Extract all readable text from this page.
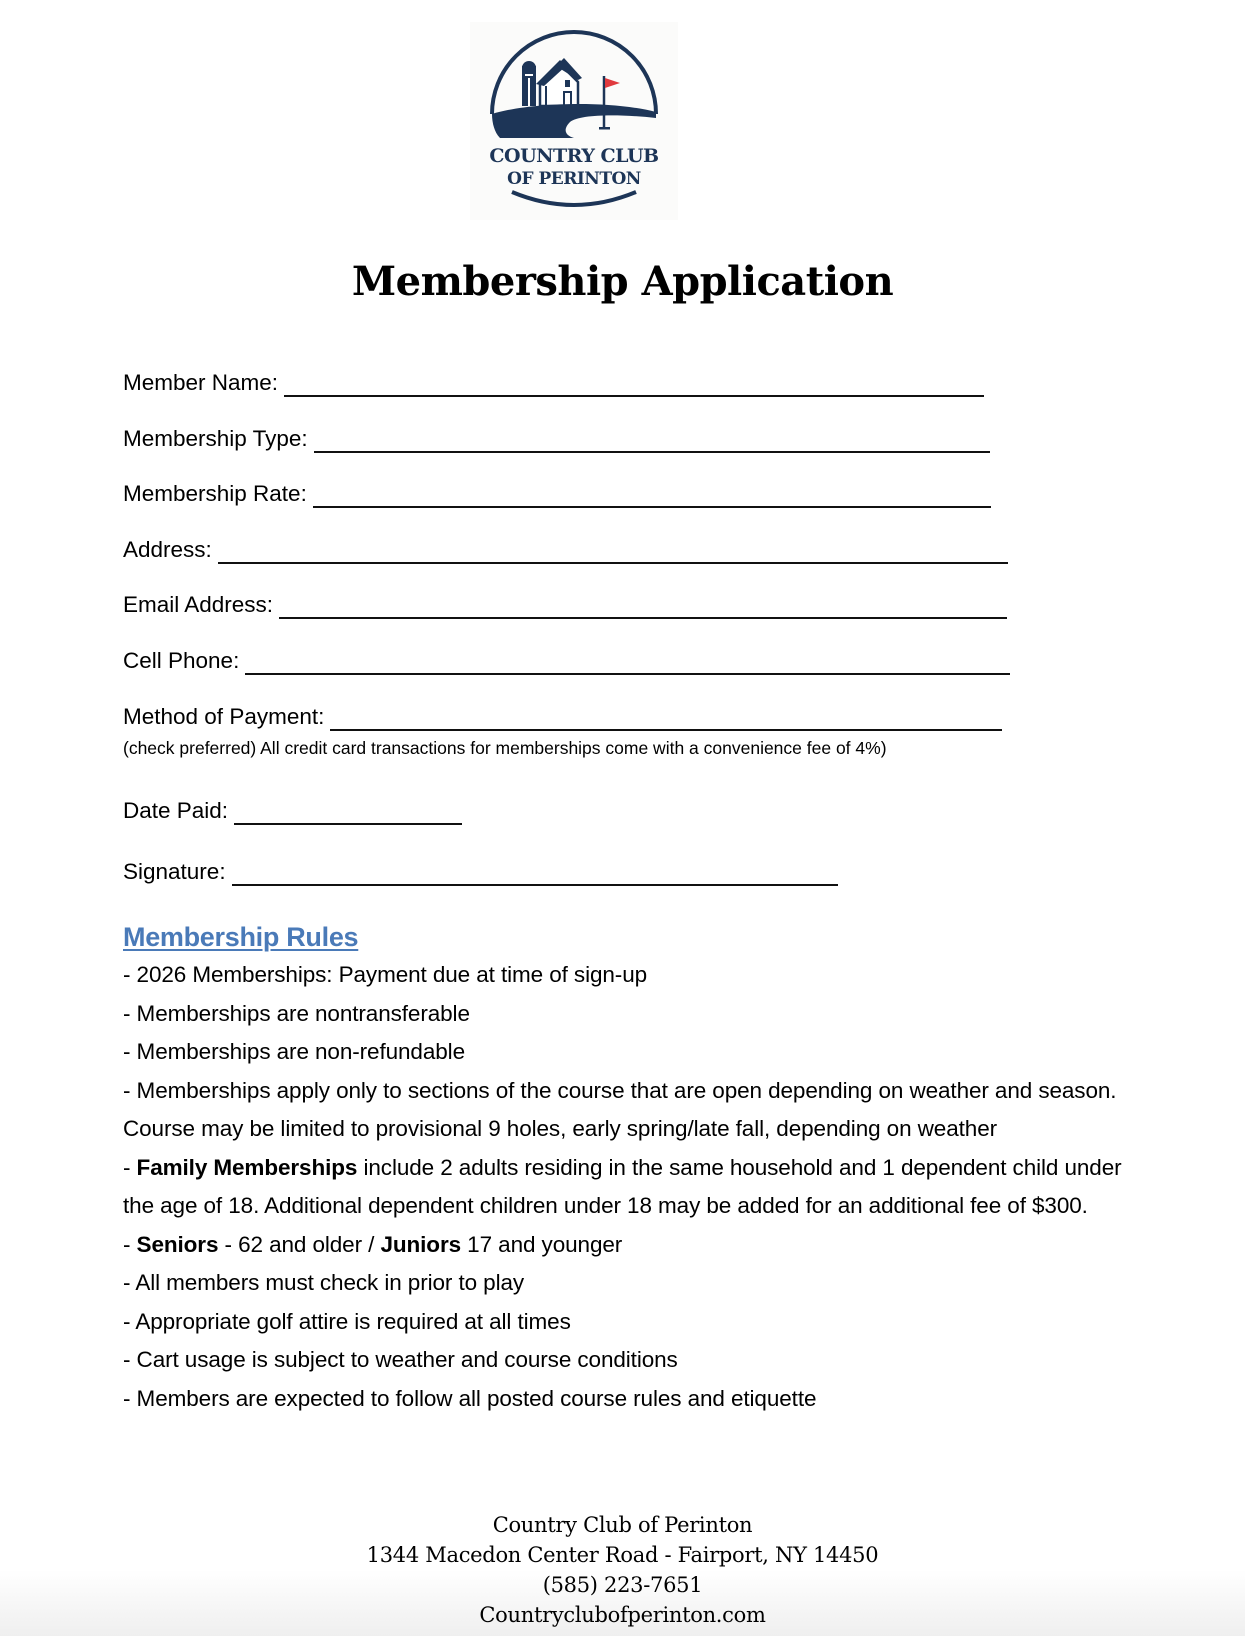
COUNTRY CLUB
OF PERINTON
Membership Application
Member Name:
Membership Type:
Membership Rate:
Address:
Email Address:
Cell Phone:
Method of Payment:
(check preferred) All credit card transactions for memberships come with a convenience fee of 4%)
Date Paid:
Signature:
Membership Rules

- 2026 Memberships: Payment due at time of sign-up

- Memberships are nontransferable

- Memberships are non-refundable

- Memberships apply only to sections of the course that are open depending on weather and season. Course may be limited to provisional 9 holes, early spring/late fall, depending on weather

- Family Memberships include 2 adults residing in the same household and 1 dependent child under the age of 18. Additional dependent children under 18 may be added for an additional fee of $300.

- Seniors - 62 and older / Juniors 17 and younger

- All members must check in prior to play

- Appropriate golf attire is required at all times

- Cart usage is subject to weather and course conditions

- Members are expected to follow all posted course rules and etiquette

Country Club of Perinton
1344 Macedon Center Road - Fairport, NY 14450
(585) 223-7651
Countryclubofperinton.com
